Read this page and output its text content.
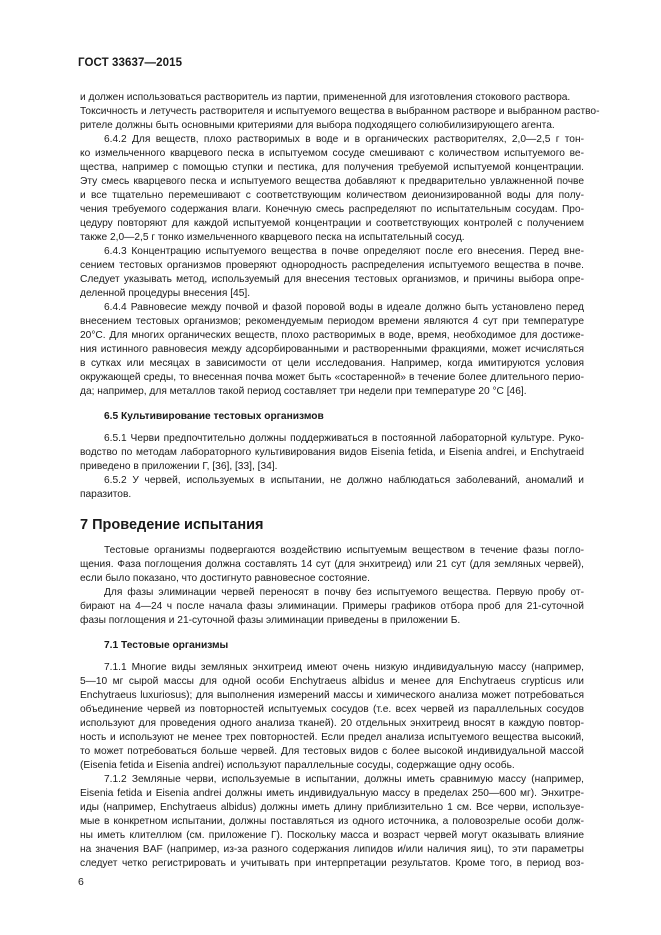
ГОСТ 33637—2015
и должен использоваться растворитель из партии, примененной для изготовления стокового раствора.
Токсичность и летучесть растворителя и испытуемого вещества в выбранном растворе и выбранном раство-
рителе должны быть основными критериями для выбора подходящего солюбилизирующего агента.
6.4.2 Для веществ, плохо растворимых в воде и в органических растворителях, 2,0—2,5 г тон-
ко измельченного кварцевого песка в испытуемом сосуде смешивают с количеством испытуемого ве-
щества, например с помощью ступки и пестика, для получения требуемой испытуемой концентрации.
Эту смесь кварцевого песка и испытуемого вещества добавляют к предварительно увлажненной почве
и все тщательно перемешивают с соответствующим количеством деионизированной воды для полу-
чения требуемого содержания влаги. Конечную смесь распределяют по испытательным сосудам. Про-
цедуру повторяют для каждой испытуемой концентрации и соответствующих контролей с получением
также 2,0—2,5 г тонко измельченного кварцевого песка на испытательный сосуд.
6.4.3 Концентрацию испытуемого вещества в почве определяют после его внесения. Перед вне-
сением тестовых организмов проверяют однородность распределения испытуемого вещества в почве.
Следует указывать метод, используемый для внесения тестовых организмов, и причины выбора опре-
деленной процедуры внесения [45].
6.4.4 Равновесие между почвой и фазой поровой воды в идеале должно быть установлено перед
внесением тестовых организмов; рекомендуемым периодом времени являются 4 сут при температуре
20°С. Для многих органических веществ, плохо растворимых в воде, время, необходимое для достиже-
ния истинного равновесия между адсорбированными и растворенными фракциями, может исчисляться
в сутках или месяцах в зависимости от цели исследования. Например, когда имитируются условия
окружающей среды, то внесенная почва может быть «состаренной» в течение более длительного перио-
да; например, для металлов такой период составляет три недели при температуре 20 °С [46].
6.5 Культивирование тестовых организмов
6.5.1 Черви предпочтительно должны поддерживаться в постоянной лабораторной культуре. Руко-
водство по методам лабораторного культивирования видов Eisenia fetida, и Eisenia andrei, и Enchytraeid
приведено в приложении Г, [36], [33], [34].
6.5.2 У червей, используемых в испытании, не должно наблюдаться заболеваний, аномалий и
паразитов.
7 Проведение испытания
Тестовые организмы подвергаются воздействию испытуемым веществом в течение фазы погло-
щения. Фаза поглощения должна составлять 14 сут (для энхитреид) или 21 сут (для земляных червей),
если было показано, что достигнуто равновесное состояние.
Для фазы элиминации червей переносят в почву без испытуемого вещества. Первую пробу от-
бирают на 4—24 ч после начала фазы элиминации. Примеры графиков отбора проб для 21-суточной
фазы поглощения и 21-суточной фазы элиминации приведены в приложении Б.
7.1 Тестовые организмы
7.1.1 Многие виды земляных энхитреид имеют очень низкую индивидуальную массу (например,
5—10 мг сырой массы для одной особи Enchytraeus albidus и менее для Enchytraeus crypticus или
Enchytraeus luxuriosus); для выполнения измерений массы и химического анализа может потребоваться
объединение червей из повторностей испытуемых сосудов (т.е. всех червей из параллельных сосудов
используют для проведения одного анализа тканей). 20 отдельных энхитреид вносят в каждую повтор-
ность и используют не менее трех повторностей. Если предел анализа испытуемого вещества высокий,
то может потребоваться больше червей. Для тестовых видов с более высокой индивидуальной массой
(Eisenia fetida и Eisenia andrei) используют параллельные сосуды, содержащие одну особь.
7.1.2 Земляные черви, используемые в испытании, должны иметь сравнимую массу (например,
Eisenia fetida и Eisenia andrei должны иметь индивидуальную массу в пределах 250—600 мг). Энхитре-
иды (например, Enchytraeus albidus) должны иметь длину приблизительно 1 см. Все черви, используе-
мые в конкретном испытании, должны поставляться из одного источника, а половозрелые особи долж-
ны иметь клителлюм (см. приложение Г). Поскольку масса и возраст червей могут оказывать влияние
на значения BAF (например, из-за разного содержания липидов и/или наличия яиц), то эти параметры
следует четко регистрировать и учитывать при интерпретации результатов. Кроме того, в период воз-
6
